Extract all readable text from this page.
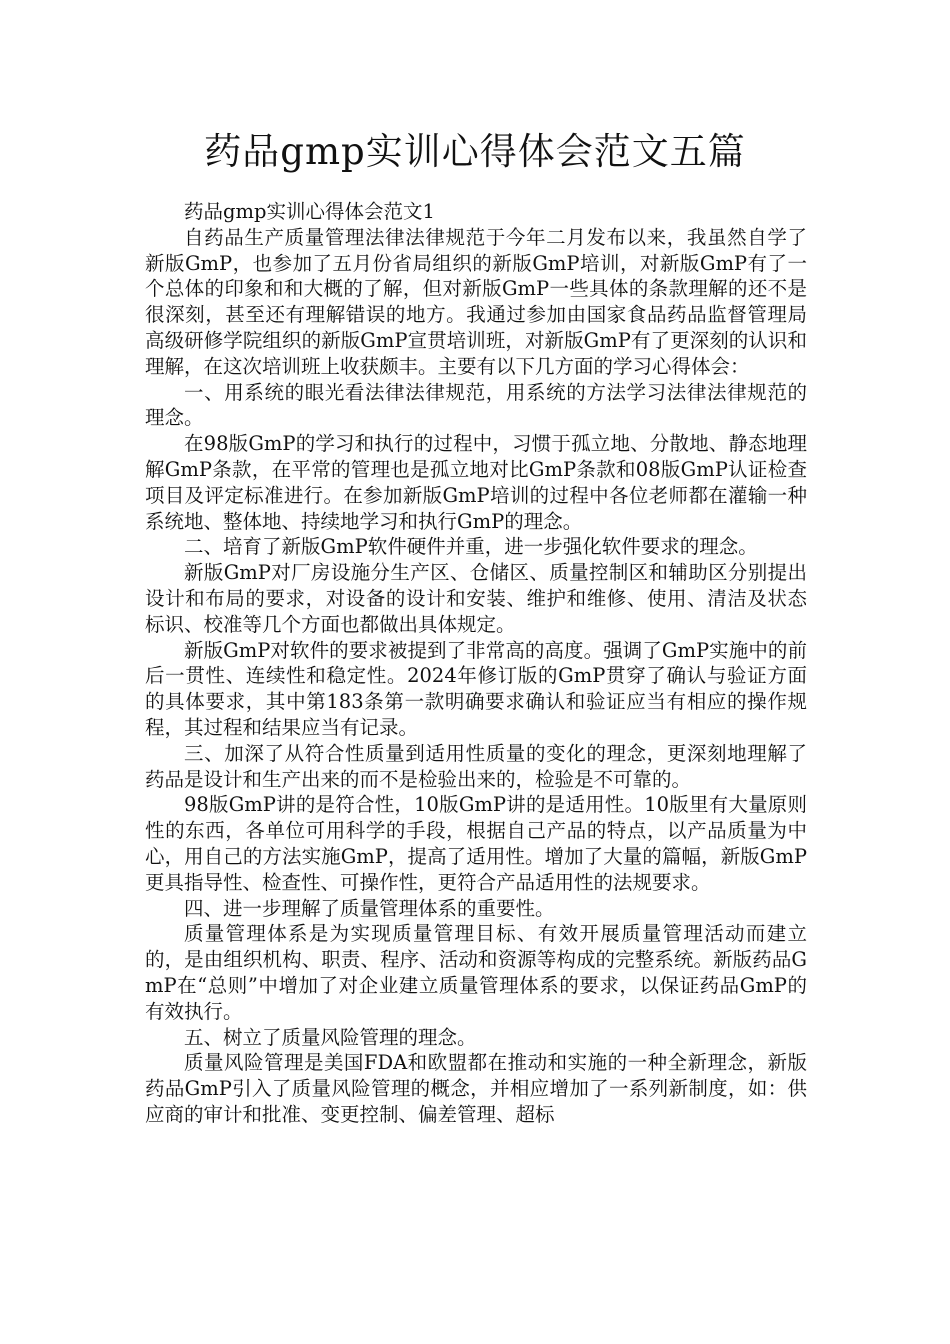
药品gmp实训心得体会范文五篇

药品gmp实训心得体会范文1

自药品生产质量管理法律法律规范于今年二月发布以来，我虽然自学了新版GmP，也参加了五月份省局组织的新版GmP培训，对新版GmP有了一个总体的印象和和大概的了解，但对新版GmP一些具体的条款理解的还不是很深刻，甚至还有理解错误的地方。我通过参加由国家食品药品监督管理局高级研修学院组织的新版GmP宣贯培训班，对新版GmP有了更深刻的认识和理解，在这次培训班上收获颇丰。主要有以下几方面的学习心得体会：

一、用系统的眼光看法律法律规范，用系统的方法学习法律法律规范的理念。

在98版GmP的学习和执行的过程中，习惯于孤立地、分散地、静态地理解GmP条款，在平常的管理也是孤立地对比GmP条款和08版GmP认证检查项目及评定标准进行。在参加新版GmP培训的过程中各位老师都在灌输一种系统地、整体地、持续地学习和执行GmP的理念。

二、培育了新版GmP软件硬件并重，进一步强化软件要求的理念。

新版GmP对厂房设施分生产区、仓储区、质量控制区和辅助区分别提出设计和布局的要求，对设备的设计和安装、维护和维修、使用、清洁及状态标识、校准等几个方面也都做出具体规定。

新版GmP对软件的要求被提到了非常高的高度。强调了GmP实施中的前后一贯性、连续性和稳定性。2024年修订版的GmP贯穿了确认与验证方面的具体要求，其中第183条第一款明确要求确认和验证应当有相应的操作规程，其过程和结果应当有记录。

三、加深了从符合性质量到适用性质量的变化的理念，更深刻地理解了药品是设计和生产出来的而不是检验出来的，检验是不可靠的。

98版GmP讲的是符合性，10版GmP讲的是适用性。10版里有大量原则性的东西，各单位可用科学的手段，根据自己产品的特点，以产品质量为中心，用自己的方法实施GmP，提高了适用性。增加了大量的篇幅，新版GmP更具指导性、检查性、可操作性，更符合产品适用性的法规要求。

四、进一步理解了质量管理体系的重要性。

质量管理体系是为实现质量管理目标、有效开展质量管理活动而建立的，是由组织机构、职责、程序、活动和资源等构成的完整系统。新版药品GmP在“总则”中增加了对企业建立质量管理体系的要求，以保证药品GmP的有效执行。

五、树立了质量风险管理的理念。

质量风险管理是美国FDA和欧盟都在推动和实施的一种全新理念，新版药品GmP引入了质量风险管理的概念，并相应增加了一系列新制度，如：供应商的审计和批准、变更控制、偏差管理、超标
